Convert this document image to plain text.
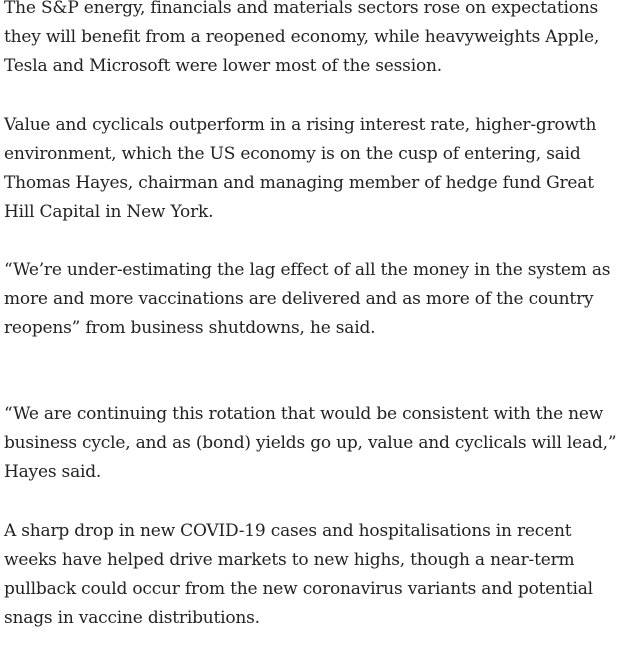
The S&P energy, financials and materials sectors rose on expectations they will benefit from a reopened economy, while heavyweights Apple, Tesla and Microsoft were lower most of the session.

Value and cyclicals outperform in a rising interest rate, higher-growth environment, which the US economy is on the cusp of entering, said Thomas Hayes, chairman and managing member of hedge fund Great Hill Capital in New York.

“We’re under-estimating the lag effect of all the money in the system as more and more vaccinations are delivered and as more of the country reopens” from business shutdowns, he said.

“We are continuing this rotation that would be consistent with the new business cycle, and as (bond) yields go up, value and cyclicals will lead,” Hayes said.

A sharp drop in new COVID-19 cases and hospitalisations in recent weeks have helped drive markets to new highs, though a near-term pullback could occur from the new coronavirus variants and potential snags in vaccine distributions.
